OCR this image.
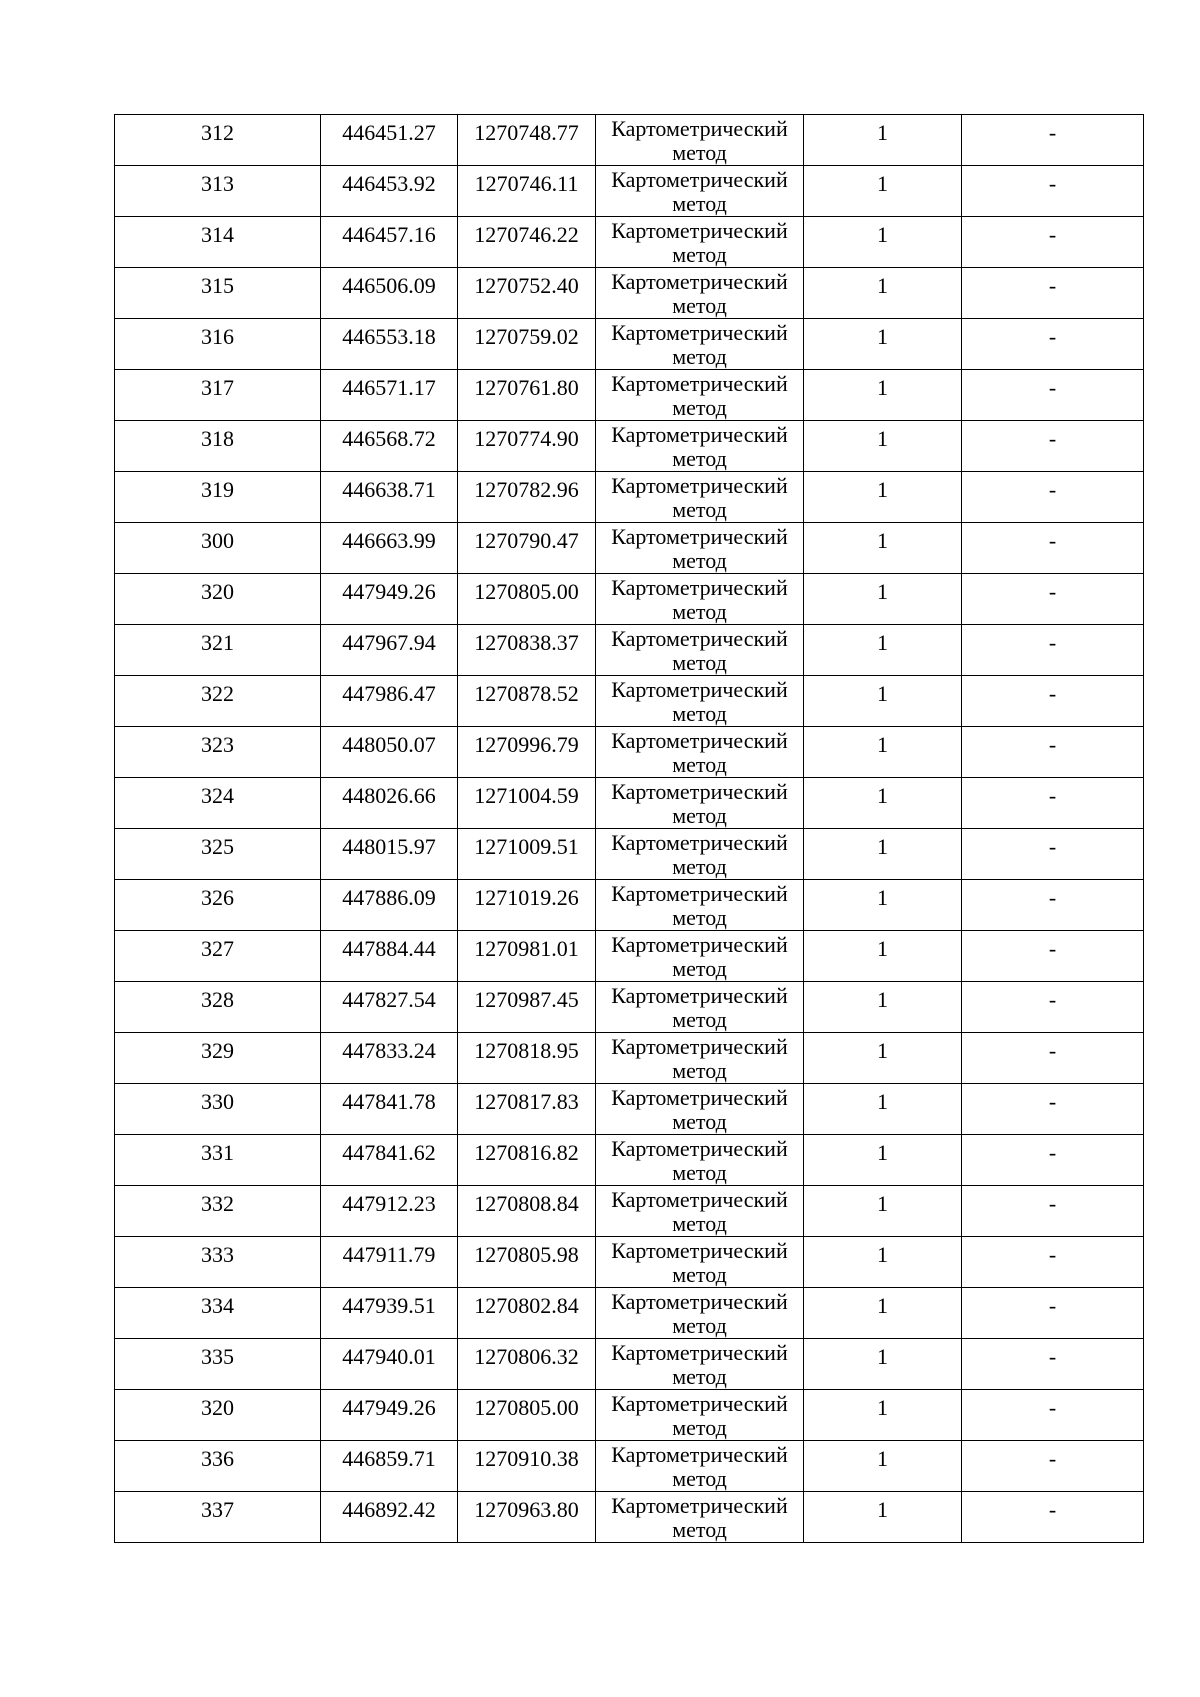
312	446451.27	1270748.77	Картометрический
метод	1	-
313	446453.92	1270746.11	Картометрический
метод	1	-
314	446457.16	1270746.22	Картометрический
метод	1	-
315	446506.09	1270752.40	Картометрический
метод	1	-
316	446553.18	1270759.02	Картометрический
метод	1	-
317	446571.17	1270761.80	Картометрический
метод	1	-
318	446568.72	1270774.90	Картометрический
метод	1	-
319	446638.71	1270782.96	Картометрический
метод	1	-
300	446663.99	1270790.47	Картометрический
метод	1	-
320	447949.26	1270805.00	Картометрический
метод	1	-
321	447967.94	1270838.37	Картометрический
метод	1	-
322	447986.47	1270878.52	Картометрический
метод	1	-
323	448050.07	1270996.79	Картометрический
метод	1	-
324	448026.66	1271004.59	Картометрический
метод	1	-
325	448015.97	1271009.51	Картометрический
метод	1	-
326	447886.09	1271019.26	Картометрический
метод	1	-
327	447884.44	1270981.01	Картометрический
метод	1	-
328	447827.54	1270987.45	Картометрический
метод	1	-
329	447833.24	1270818.95	Картометрический
метод	1	-
330	447841.78	1270817.83	Картометрический
метод	1	-
331	447841.62	1270816.82	Картометрический
метод	1	-
332	447912.23	1270808.84	Картометрический
метод	1	-
333	447911.79	1270805.98	Картометрический
метод	1	-
334	447939.51	1270802.84	Картометрический
метод	1	-
335	447940.01	1270806.32	Картометрический
метод	1	-
320	447949.26	1270805.00	Картометрический
метод	1	-
336	446859.71	1270910.38	Картометрический
метод	1	-
337	446892.42	1270963.80	Картометрический
метод	1	-
